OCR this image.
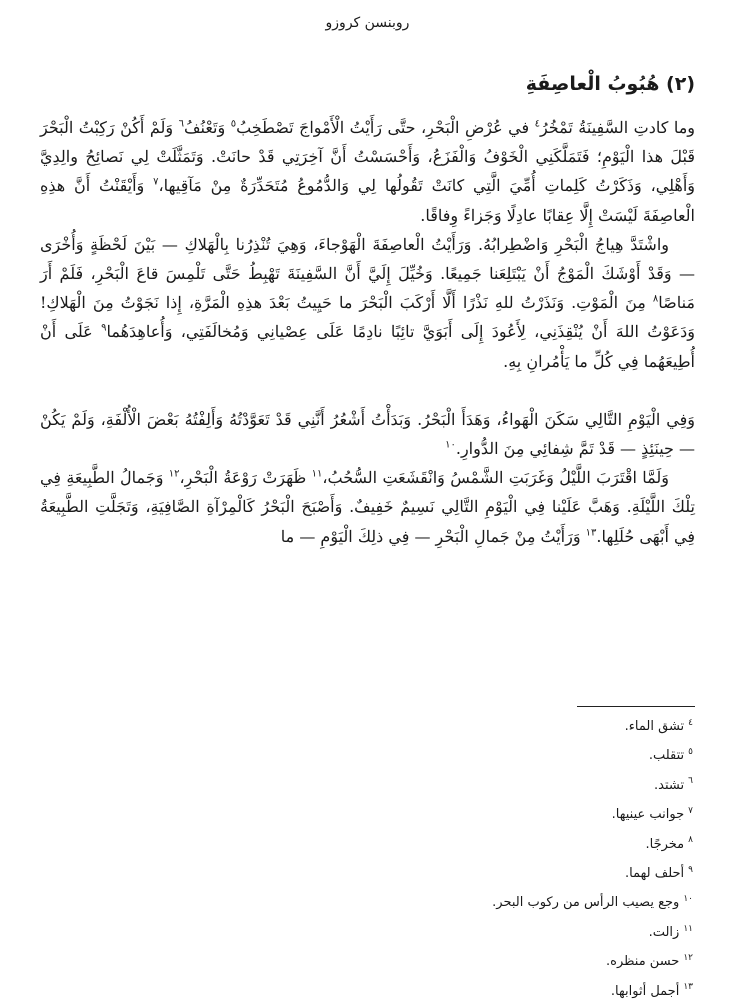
روبنسن كروزو
(٢) هُبُوبُ الْعاصِفَةِ

وما كادتِ السَّفِينَةُ تَمْخُرُ$^٤$ في عُرْضِ الْبَحْرِ، حتَّى رَأَيْتُ الْأَمْواجَ تَصْطَخِبُ$^٥$ وَتَعْنُفُ$^٦$ وَلَمْ أَكُنْ رَكِبْتُ الْبَحْرَ قَبْلَ هذا الْيَوْمِ؛ فَتَمَلَّكَنِي الْخَوْفُ وَالْفَزَعُ، وَأَحْسَسْتُ أَنَّ آخِرَتِي قَدْ حانَتْ. وَتَمَثَّلَتْ لِي نَصائِحُ والِدِيَّ وَأَهْلِي، وَذَكَرْتُ كَلِماتِ أُمِّيَ الَّتِي كانَتْ تَقُولُها لِي وَالدُّمُوعُ مُتَحَدِّرَةٌ مِنْ مَآقِيها،$^٧$ وَأَيْقَنْتُ أَنَّ هذِهِ الْعاصِفَةَ لَيْسَتْ إِلَّا عِقابًا عادِلًا وَجَزاءً وِفاقًا.

واشْتَدَّ هِياجُ الْبَحْرِ وَاضْطِرابُهُ. وَرَأَيْتُ الْعاصِفَةَ الْهَوْجاءَ، وَهِيَ تُنْذِرُنا بِالْهَلاكِ — بَيْنَ لَحْظَةٍ وَأُخْرَى — وَقَدْ أَوْشَكَ الْمَوْجُ أَنْ يَبْتَلِعَنا جَمِيعًا. وَخُيِّلَ إِلَيَّ أَنَّ السَّفِينَةَ تَهْبِطُ حَتَّى تَلْمِسَ قاعَ الْبَحْرِ، فَلَمْ أَرَ مَناصًا$^٨$ مِنَ الْمَوْتِ. وَنَذَرْتُ للهِ نَذْرًا أَلَّا أَرْكَبَ الْبَحْرَ ما حَيِيتُ بَعْدَ هذِهِ الْمَرَّةِ، إِذا نَجَوْتُ مِنَ الْهَلاكِ! وَدَعَوْتُ اللهَ أَنْ يُنْقِذَنِي، لِأَعُودَ إِلَى أَبَوَيَّ تائِبًا نادِمًا عَلَى عِصْيانِي وَمُخالَفَتِي، وَأُعاهِدَهُما$^٩$ عَلَى أَنْ أُطِيعَهُما فِي كُلِّ ما يَأْمُرانِ بِهِ.

وَفِي الْيَوْمِ التَّالِي سَكَنَ الْهَواءُ، وَهَدَأَ الْبَحْرُ. وَبَدَأْتُ أَشْعُرُ أَنَّنِي قَدْ تَعَوَّدْتُهُ وَأَلِفْتُهُ بَعْضَ الْأُلْفَةِ، وَلَمْ يَكُنْ — حِينَئِذٍ — قَدْ تَمَّ شِفائِي مِنَ الدُّوارِ.$^{١٠}$

وَلَمَّا اقْتَرَبَ اللَّيْلُ وَغَرَبَتِ الشَّمْسُ وَانْقَشَعَتِ السُّحُبُ،$^{١١}$ ظَهَرَتْ رَوْعَةُ الْبَحْرِ،$^{١٢}$ وَجَمالُ الطَّبِيعَةِ فِي تِلْكَ اللَّيْلَةِ. وَهَبَّ عَلَيْنا فِي الْيَوْمِ التَّالِي نَسِيمٌ خَفِيفٌ. وَأَصْبَحَ الْبَحْرُ كَالْمِرْآةِ الصَّافِيَةِ، وَتَجَلَّتِ الطَّبِيعَةُ فِي أَبْهَى حُلَلِها.$^{١٣}$ وَرَأَيْتُ مِنْ جَمالِ الْبَحْرِ — فِي ذلِكَ الْيَوْمِ — ما

$^٤$تشق الماء.

$^٥$تتقلب.

$^٦$تشتد.

$^٧$جوانب عينيها.

$^٨$مخرجًا.

$^٩$أحلف لهما.

$^{١٠}$وجع يصيب الرأس من ركوب البحر.

$^{١١}$زالت.

$^{١٢}$حسن منظره.

$^{١٣}$أجمل أثوابها.
